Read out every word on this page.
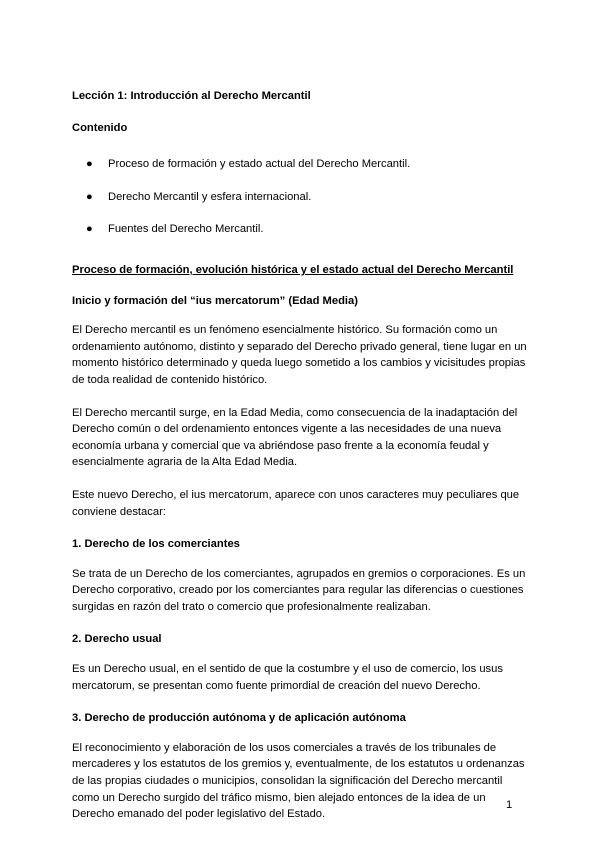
Lección 1: Introducción al Derecho Mercantil
Contenido
● Proceso de formación y estado actual del Derecho Mercantil.
● Derecho Mercantil y esfera internacional.
● Fuentes del Derecho Mercantil.
Proceso de formación, evolución histórica y el estado actual del Derecho Mercantil
Inicio y formación del “ius mercatorum” (Edad Media)

El Derecho mercantil es un fenómeno esencialmente histórico. Su formación como un ordenamiento autónomo, distinto y separado del Derecho privado general, tiene lugar en un momento histórico determinado y queda luego sometido a los cambios y vicisitudes propias de toda realidad de contenido histórico.

El Derecho mercantil surge, en la Edad Media, como consecuencia de la inadaptación del Derecho común o del ordenamiento entonces vigente a las necesidades de una nueva economía urbana y comercial que va abriéndose paso frente a la economía feudal y esencialmente agraria de la Alta Edad Media.

Este nuevo Derecho, el ius mercatorum, aparece con unos caracteres muy peculiares que conviene destacar:

1. Derecho de los comerciantes

Se trata de un Derecho de los comerciantes, agrupados en gremios o corporaciones. Es un Derecho corporativo, creado por los comerciantes para regular las diferencias o cuestiones surgidas en razón del trato o comercio que profesionalmente realizaban.

2. Derecho usual

Es un Derecho usual, en el sentido de que la costumbre y el uso de comercio, los usus mercatorum, se presentan como fuente primordial de creación del nuevo Derecho.

3. Derecho de producción autónoma y de aplicación autónoma

El reconocimiento y elaboración de los usos comerciales a través de los tribunales de mercaderes y los estatutos de los gremios y, eventualmente, de los estatutos u ordenanzas de las propias ciudades o municipios, consolidan la significación del Derecho mercantil como un Derecho surgido del tráfico mismo, bien alejado entonces de la idea de un Derecho emanado del poder legislativo del Estado.

1
